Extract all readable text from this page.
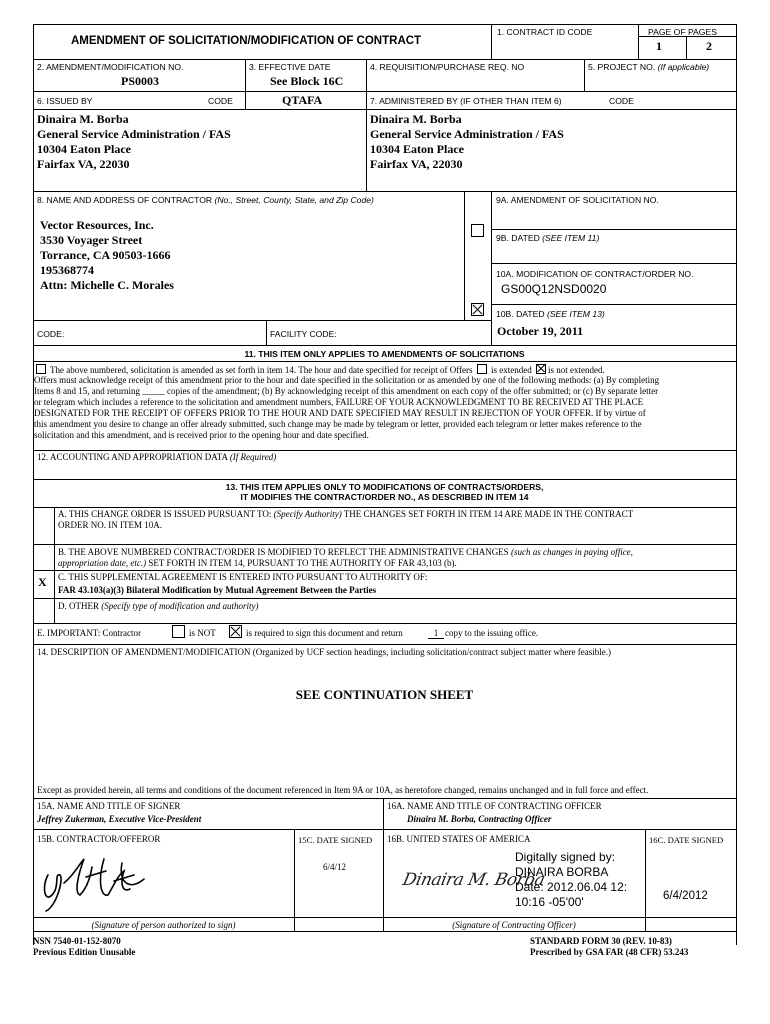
AMENDMENT OF SOLICITATION/MODIFICATION OF CONTRACT
1. CONTRACT ID CODE	PAGE OF PAGES
1	2
2. AMENDMENT/MODIFICATION NO.
PS0003
3. EFFECTIVE DATE
See Block 16C
4. REQUISITION/PURCHASE REQ. NO	5. PROJECT NO. (If applicable)
6. ISSUED BY	CODE	QTAFA	7. ADMINISTERED BY (IF OTHER THAN ITEM 6)	CODE
Dinaira M. Borba
General Service Administration / FAS
10304 Eaton Place
Fairfax VA, 22030
Dinaira M. Borba
General Service Administration / FAS
10304 Eaton Place
Fairfax VA, 22030
8. NAME AND ADDRESS OF CONTRACTOR (No., Street, County, State, and Zip Code)
Vector Resources, Inc.
3530 Voyager Street
Torrance, CA 90503-1666
195368774
Attn: Michelle C. Morales
9A. AMENDMENT OF SOLICITATION NO.
9B. DATED (SEE ITEM 11)
10A. MODIFICATION OF CONTRACT/ORDER NO.
GS00Q12NSD0020
10B. DATED (SEE ITEM 13)
October 19, 2011
CODE:	FACILITY CODE:
11. THIS ITEM ONLY APPLIES TO AMENDMENTS OF SOLICITATIONS
The above numbered, solicitation is amended as set forth in item 14. The hour and date specified for receipt of Offers is extended is not extended.
Offers must acknowledge receipt of this amendment prior to the hour and date specified in the solicitation or as amended by one of the following methods: (a) By completing
Items 8 and 15, and returning _____ copies of the amendment; (b) By acknowledging receipt of this amendment on each copy of the offer submitted; or (c) By separate letter
or telegram which includes a reference to the solicitation and amendment numbers, FAILURE OF YOUR ACKNOWLEDGMENT TO BE RECEIVED AT THE PLACE
DESIGNATED FOR THE RECEIPT OF OFFERS PRIOR TO THE HOUR AND DATE SPECIFIED MAY RESULT IN REJECTION OF YOUR OFFER. If by virtue of
this amendment you desire to change an offer already submitted, such change may be made by telegram or letter, provided each telegram or letter makes reference to the
solicitation and this amendment, and is received prior to the opening hour and date specified.
12. ACCOUNTING AND APPROPRIATION DATA (If Required)
13. THIS ITEM APPLIES ONLY TO MODIFICATIONS OF CONTRACTS/ORDERS,
IT MODIFIES THE CONTRACT/ORDER NO., AS DESCRIBED IN ITEM 14
A. THIS CHANGE ORDER IS ISSUED PURSUANT TO: (Specify Authority) THE CHANGES SET FORTH IN ITEM 14 ARE MADE IN THE CONTRACT
ORDER NO. IN ITEM 10A.
B. THE ABOVE NUMBERED CONTRACT/ORDER IS MODIFIED TO REFLECT THE ADMINISTRATIVE CHANGES (such as changes in paying office,
appropriation date, etc.) SET FORTH IN ITEM 14, PURSUANT TO THE AUTHORITY OF FAR 43,103 (b).
X C. THIS SUPPLEMENTAL AGREEMENT IS ENTERED INTO PURSUANT TO AUTHORITY OF:
FAR 43.103(a)(3) Bilateral Modification by Mutual Agreement Between the Parties
D. OTHER (Specify type of modification and authority)
E. IMPORTANT: Contractor	is NOT	is required to sign this document and return	1 copy to the issuing office.
14. DESCRIPTION OF AMENDMENT/MODIFICATION (Organized by UCF section headings, including solicitation/contract subject matter where feasible.)
SEE CONTINUATION SHEET
Except as provided herein, all terms and conditions of the document referenced in Item 9A or 10A, as heretofore changed, remains unchanged and in full force and effect.
15A. NAME AND TITLE OF SIGNER
Jeffrey Zukerman, Executive Vice-President
16A. NAME AND TITLE OF CONTRACTING OFFICER
Dinaira M. Borba, Contracting Officer
15B. CONTRACTOR/OFFEROR	15C. DATE SIGNED
6/4/12
16B. UNITED STATES OF AMERICA	16C. DATE SIGNED
6/4/2012
Dinaira M. Borba
Digitally signed by:
DINAIRA BORBA
Date: 2012.06.04 12:
10:16 -05'00'
(Signature of person authorized to sign)	(Signature of Contracting Officer)
NSN 7540-01-152-8070
Previous Edition Unusable
STANDARD FORM 30 (REV. 10-83)
Prescribed by GSA FAR (48 CFR) 53.243
